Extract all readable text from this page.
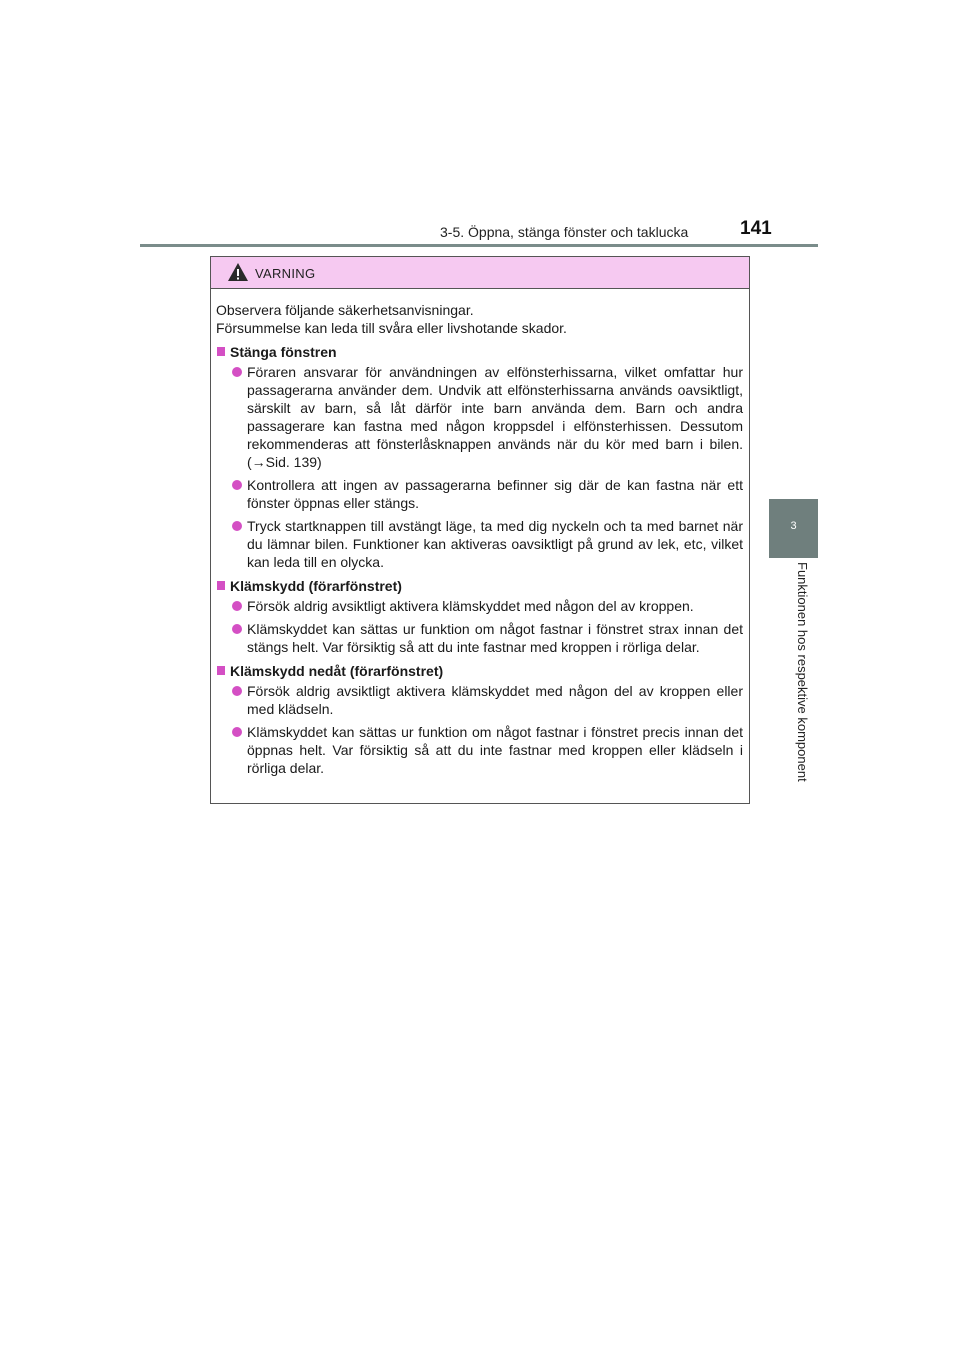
3-5. Öppna, stänga fönster och taklucka	141
3
Funktionen hos respektive komponent
VARNING

Observera följande säkerhetsanvisningar.

Försummelse kan leda till svåra eller livshotande skador.

Stänga fönstren
Föraren ansvarar för användningen av elfönsterhissarna, vilket omfattar hur passagerarna använder dem. Undvik att elfönsterhissarna används oavsiktligt, särskilt av barn, så låt därför inte barn använda dem. Barn och andra passagerare kan fastna med någon kroppsdel i elfönsterhissen. Dessutom rekommenderas att fönsterlåsknappen används när du kör med barn i bilen. (→Sid. 139)
Kontrollera att ingen av passagerarna befinner sig där de kan fastna när ett fönster öppnas eller stängs.
Tryck startknappen till avstängt läge, ta med dig nyckeln och ta med barnet när du lämnar bilen. Funktioner kan aktiveras oavsiktligt på grund av lek, etc, vilket kan leda till en olycka.
Klämskydd (förarfönstret)
Försök aldrig avsiktligt aktivera klämskyddet med någon del av kroppen.
Klämskyddet kan sättas ur funktion om något fastnar i fönstret strax innan det stängs helt. Var försiktig så att du inte fastnar med kroppen i rörliga delar.
Klämskydd nedåt (förarfönstret)
Försök aldrig avsiktligt aktivera klämskyddet med någon del av kroppen eller med klädseln.
Klämskyddet kan sättas ur funktion om något fastnar i fönstret precis innan det öppnas helt. Var försiktig så att du inte fastnar med kroppen eller klädseln i rörliga delar.
